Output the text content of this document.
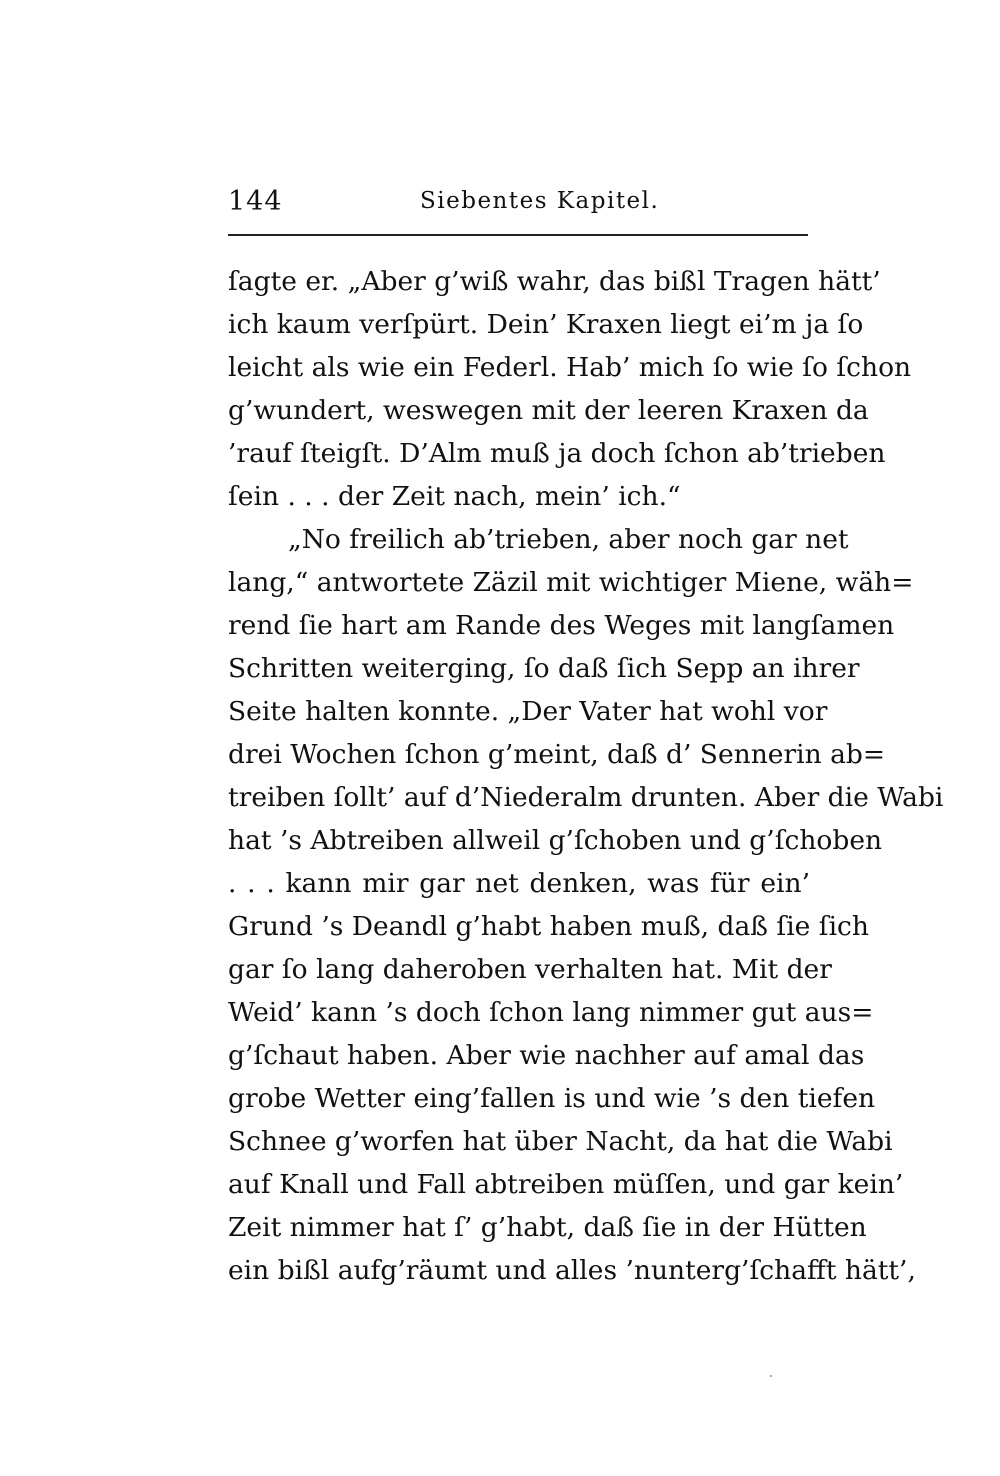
144	Siebentes Kapitel.
ſagte er. „Aber g’wiß wahr, das bißl Tragen hätt’
ich kaum verſpürt. Dein’ Kraxen liegt ei’m ja ſo
leicht als wie ein Federl. Hab’ mich ſo wie ſo ſchon
g’wundert, weswegen mit der leeren Kraxen da
’rauf ſteigſt. D’Alm muß ja doch ſchon ab’trieben
ſein . . . der Zeit nach, mein’ ich.“
„No freilich ab’trieben, aber noch gar net
lang,“ antwortete Zäzil mit wichtiger Miene, wäh=
rend ſie hart am Rande des Weges mit langſamen
Schritten weiterging, ſo daß ſich Sepp an ihrer
Seite halten konnte. „Der Vater hat wohl vor
drei Wochen ſchon g’meint, daß d’ Sennerin ab=
treiben ſollt’ auf d’Niederalm drunten. Aber die Wabi
hat ’s Abtreiben allweil g’ſchoben und g’ſchoben
. . . kann mir gar net denken, was für ein’
Grund ’s Deandl g’habt haben muß, daß ſie ſich
gar ſo lang daheroben verhalten hat. Mit der
Weid’ kann ’s doch ſchon lang nimmer gut aus=
g’ſchaut haben. Aber wie nachher auf amal das
grobe Wetter eing’fallen is und wie ’s den tiefen
Schnee g’worfen hat über Nacht, da hat die Wabi
auf Knall und Fall abtreiben müſſen, und gar kein’
Zeit nimmer hat ſ’ g’habt, daß ſie in der Hütten
ein bißl aufg’räumt und alles ’nunterg’ſchafft hätt’,
